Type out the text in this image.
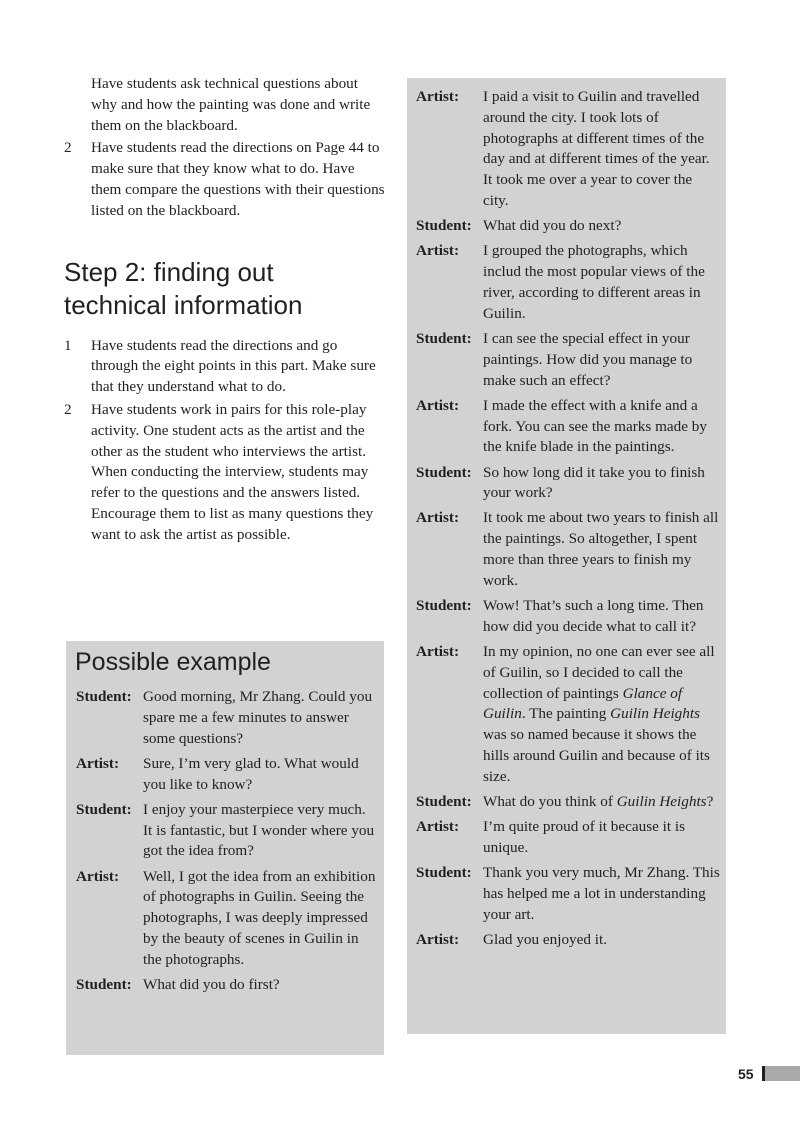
Have students ask technical questions about why and how the painting was done and write them on the blackboard.

2 Have students read the directions on Page 44 to make sure that they know what to do. Have them compare the questions with their questions listed on the blackboard.

Step 2: finding out
technical information

1 Have students read the directions and go through the eight points in this part. Make sure that they understand what to do.

2 Have students work in pairs for this role-play activity. One student acts as the artist and the other as the student who interviews the artist. When conducting the interview, students may refer to the questions and the answers listed. Encourage them to list as many questions they want to ask the artist as possible.

Possible example
Student: Good morning, Mr Zhang. Could you spare me a few minutes to answer some questions?
Artist:	Sure, I’m very glad to. What would you like to know?
Student: I enjoy your masterpiece very much. It is fantastic, but I wonder where you got the idea from?
Artist:	Well, I got the idea from an exhibition of photographs in Guilin. Seeing the photographs, I was deeply impressed by the beauty of scenes in Guilin in the photographs.
Student: What did you do first?
Artist:	I paid a visit to Guilin and travelled around the city. I took lots of photographs at different times of the day and at different times of the year. It took me over a year to cover the city.
Student: What did you do next?
Artist:	I grouped the photographs, which includ the most popular views of the river, according to different areas in Guilin.
Student: I can see the special effect in your paintings. How did you manage to make such an effect?
Artist:	I made the effect with a knife and a fork. You can see the marks made by the knife blade in the paintings.
Student: So how long did it take you to finish your work?
Artist:	It took me about two years to finish all the paintings. So altogether, I spent more than three years to finish my work.
Student: Wow! That’s such a long time. Then how did you decide what to call it?
Artist:	In my opinion, no one can ever see all of Guilin, so I decided to call the collection of paintings Glance of Guilin. The painting Guilin Heights was so named because it shows the hills around Guilin and because of its size.
Student: What do you think of Guilin Heights?
Artist:	I’m quite proud of it because it is unique.
Student: Thank you very much, Mr Zhang. This has helped me a lot in understanding your art.
Artist:	Glad you enjoyed it.
55
